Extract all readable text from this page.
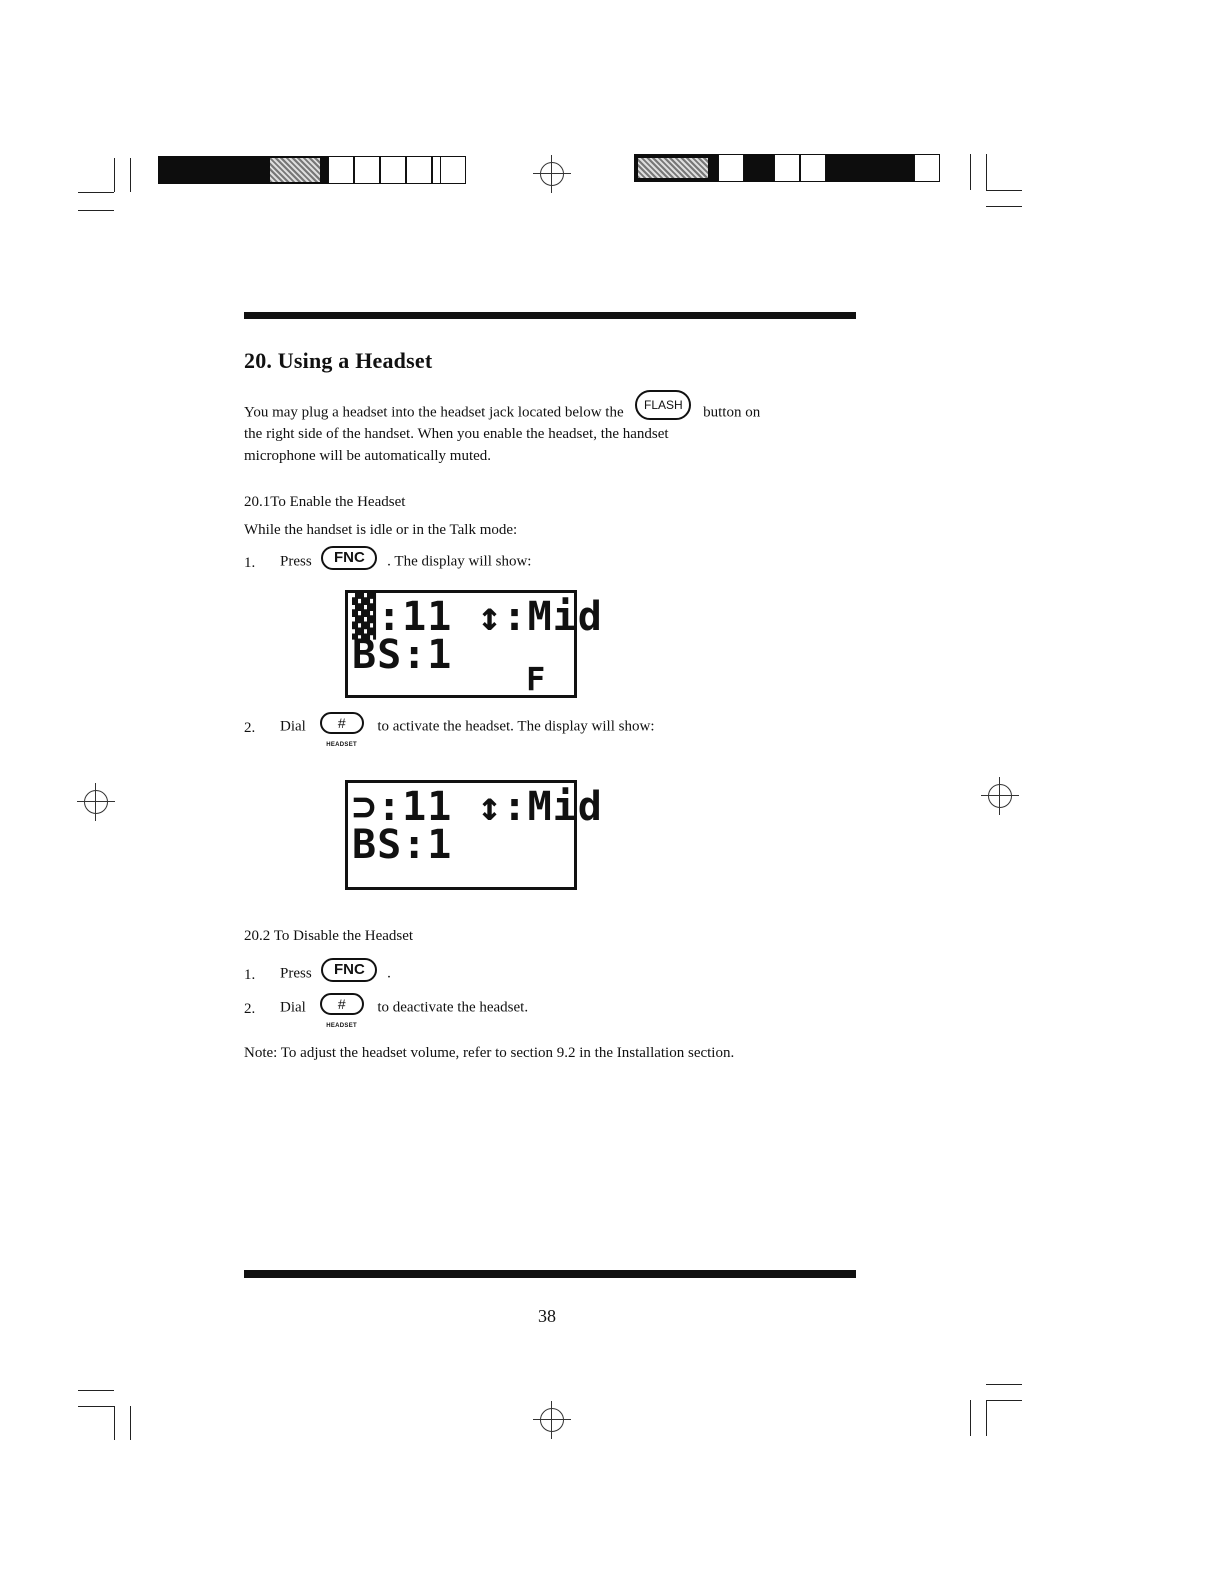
20. Using a Headset
You may plug a headset into the headset jack located below the FLASH button on
the right side of the handset. When you enable the headset, the handset
microphone will be automatically muted.
20.1To Enable the Headset
While the handset is idle or in the Talk mode:
1. Press FNC . The display will show:
▓:11 ↕:Mid
BS:1
F
2. Dial #
HEADSET
to activate the headset. The display will show:
⊃:11 ↕:Mid
BS:1
20.2 To Disable the Headset
1. Press FNC .
2. Dial #
HEADSET
to deactivate the headset.
Note: To adjust the headset volume, refer to section 9.2 in the Installation section.
38
